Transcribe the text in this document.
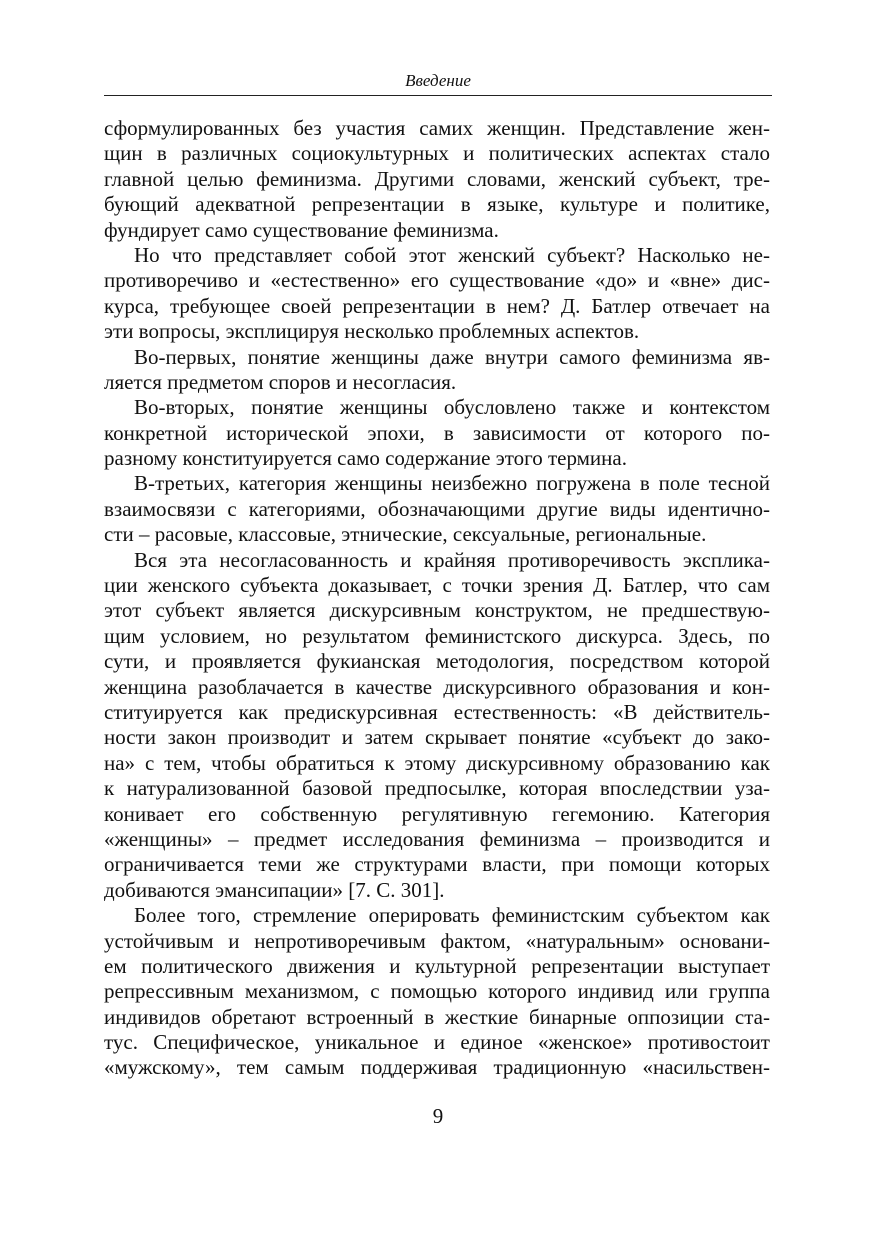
Введение
сформулированных без участия самих женщин. Представление жен-
щин в различных социокультурных и политических аспектах стало
главной целью феминизма. Другими словами, женский субъект, тре-
бующий адекватной репрезентации в языке, культуре и политике,
фундирует само существование феминизма.
Но что представляет собой этот женский субъект? Насколько не-
противоречиво и «естественно» его существование «до» и «вне» дис-
курса, требующее своей репрезентации в нем? Д. Батлер отвечает на
эти вопросы, эксплицируя несколько проблемных аспектов.
Во-первых, понятие женщины даже внутри самого феминизма яв-
ляется предметом споров и несогласия.
Во-вторых, понятие женщины обусловлено также и контекстом
конкретной исторической эпохи, в зависимости от которого по-
разному конституируется само содержание этого термина.
В-третьих, категория женщины неизбежно погружена в поле тесной
взаимосвязи с категориями, обозначающими другие виды идентично-
сти – расовые, классовые, этнические, сексуальные, региональные.
Вся эта несогласованность и крайняя противоречивость эксплика-
ции женского субъекта доказывает, с точки зрения Д. Батлер, что сам
этот субъект является дискурсивным конструктом, не предшествую-
щим условием, но результатом феминистского дискурса. Здесь, по
сути, и проявляется фукианская методология, посредством которой
женщина разоблачается в качестве дискурсивного образования и кон-
ституируется как предискурсивная естественность: «В действитель-
ности закон производит и затем скрывает понятие «субъект до зако-
на» с тем, чтобы обратиться к этому дискурсивному образованию как
к натурализованной базовой предпосылке, которая впоследствии уза-
конивает его собственную регулятивную гегемонию. Категория
«женщины» – предмет исследования феминизма – производится и
ограничивается теми же структурами власти, при помощи которых
добиваются эмансипации» [7. С. 301].
Более того, стремление оперировать феминистским субъектом как
устойчивым и непротиворечивым фактом, «натуральным» основани-
ем политического движения и культурной репрезентации выступает
репрессивным механизмом, с помощью которого индивид или группа
индивидов обретают встроенный в жесткие бинарные оппозиции ста-
тус. Специфическое, уникальное и единое «женское» противостоит
«мужскому», тем самым поддерживая традиционную «насильствен-
9
